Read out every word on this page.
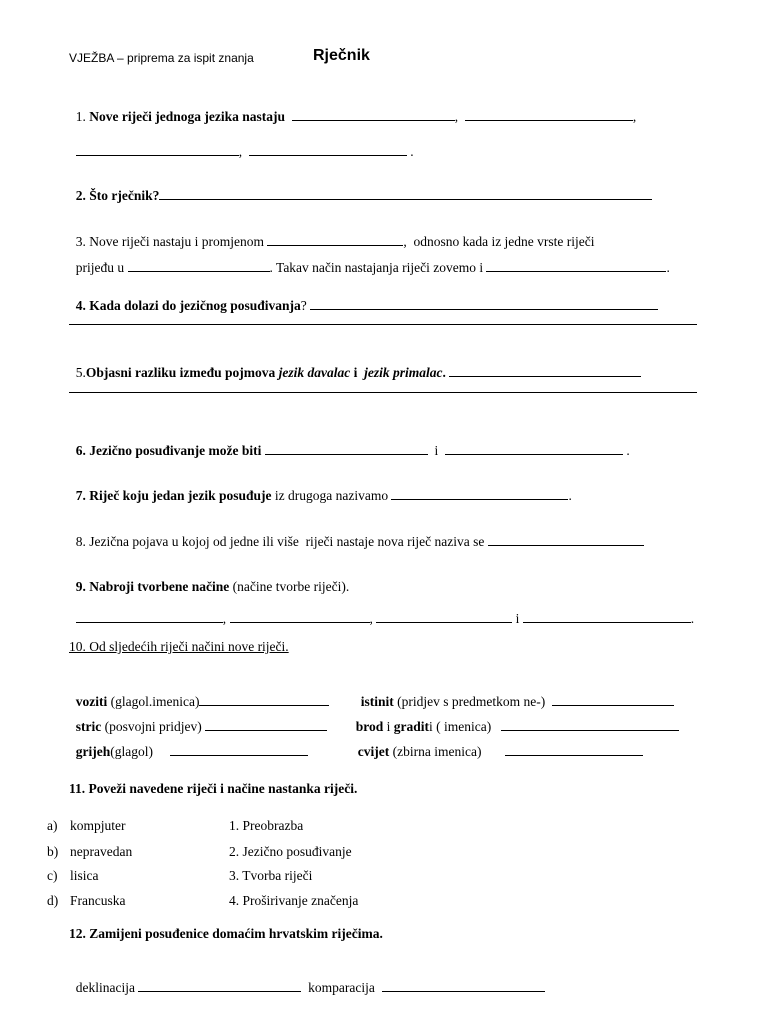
VJEŽBA – priprema za ispit znanja	Rječnik

1. Nove riječi jednoga jezika nastaju	,	,

,	.

2. Što rječnik?

3. Nove riječi nastaju i promjenom	,  odnosno kada iz jedne vrste riječi

prijeđu u	. Takav način nastajanja riječi zovemo i	.

4. Kada dolazi do jezičnog posuđivanja?

5.Objasni razliku između pojmova jezik davalac i jezik primalac.

6. Jezično posuđivanje može biti	i	.

7. Riječ koju jedan jezik posuđuje iz drugoga nazivamo	.

8. Jezična pojava u kojoj od jedne ili više  riječi nastaje nova riječ naziva se

9. Nabroji tvorbene načine (načine tvorbe riječi).

,	,	i	.

10. Od sljedećih riječi načini nove riječi.

voziti (glagol.imenica)	istinit (pridjev s predmetkom ne-)

stric (posvojni pridjev)	brod i graditi ( imenica)

grijeh(glagol)	cvijet (zbirna imenica)

11. Poveži navedene riječi i načine nastanka riječi.
a) kompjuter	1. Preobrazba
b) nepravedan	2. Jezično posuđivanje
c) lisica	3. Tvorba riječi
d) Francuska	4. Proširivanje značenja
12. Zamijeni posuđenice domaćim hrvatskim riječima.

deklinacija	komparacija
